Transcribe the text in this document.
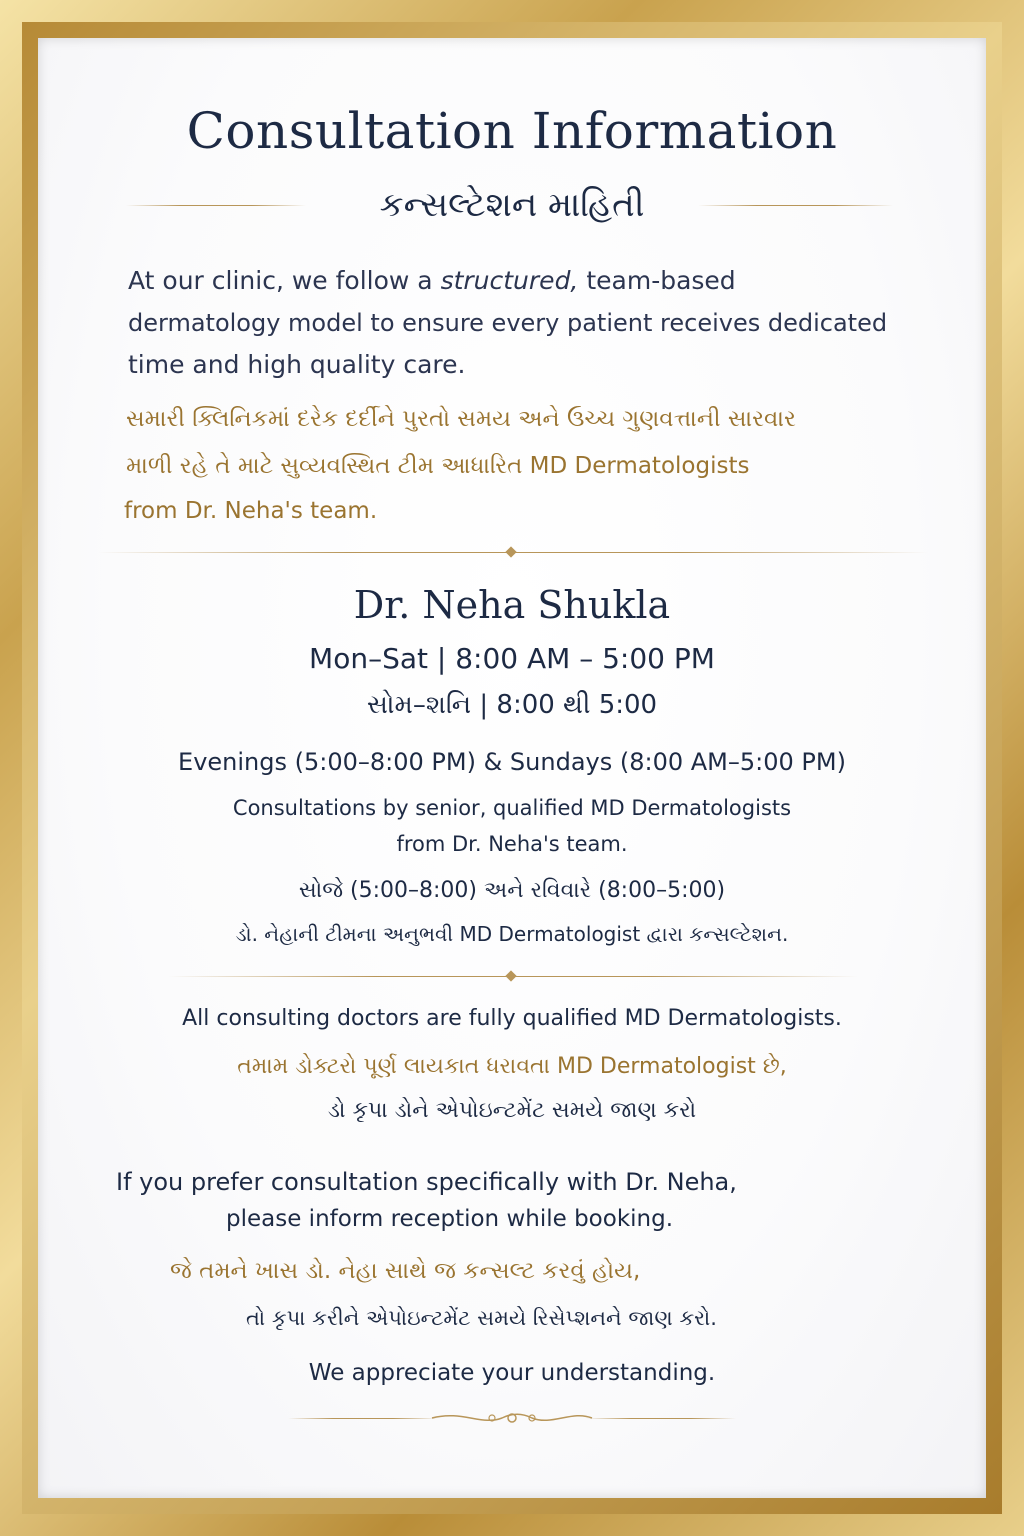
Consultation Information
કન્સલ્ટેશન માહિતી
At our clinic, we follow a structured, team-based
dermatology model to ensure every patient receives dedicated
time and high quality care.
સમારી ક્લિનિકમાં દરેક દર્દીને પુરતો સમય અને ઉચ્ચ ગુણવત્તાની સારવાર
માળી રહે તે માટે સુવ્યવસ્થિત ટીમ આધારિત MD Dermatologists
from Dr. Neha's team.
Dr. Neha Shukla
Mon–Sat | 8:00 AM – 5:00 PM
સોમ–શનિ | 8:00 થી 5:00
Evenings (5:00–8:00 PM) & Sundays (8:00 AM–5:00 PM)
Consultations by senior, qualified MD Dermatologists
from Dr. Neha's team.
સોજે (5:00–8:00) અને રવિવારે (8:00–5:00)
ડો. નેહાની ટીમના અનુભવી MD Dermatologist દ્વારા કન્સલ્ટેશન.
All consulting doctors are fully qualified MD Dermatologists.
તમામ ડોક્ટરો પૂર્ણ લાયકાત ધરાવતા MD Dermatologist છે,
ડો કૃપા ડોને એપોઇન્ટમેંટ સમયે જાણ કરો
If you prefer consultation specifically with Dr. Neha,
please inform reception while booking.
જે તમને ખાસ ડો. નેહા સાથે જ કન્સલ્ટ કરવું હોય,
તો કૃપા કરીને એપોઇન્ટમેંટ સમયે રિસેપ્શનને જાણ કરો.
We appreciate your understanding.
